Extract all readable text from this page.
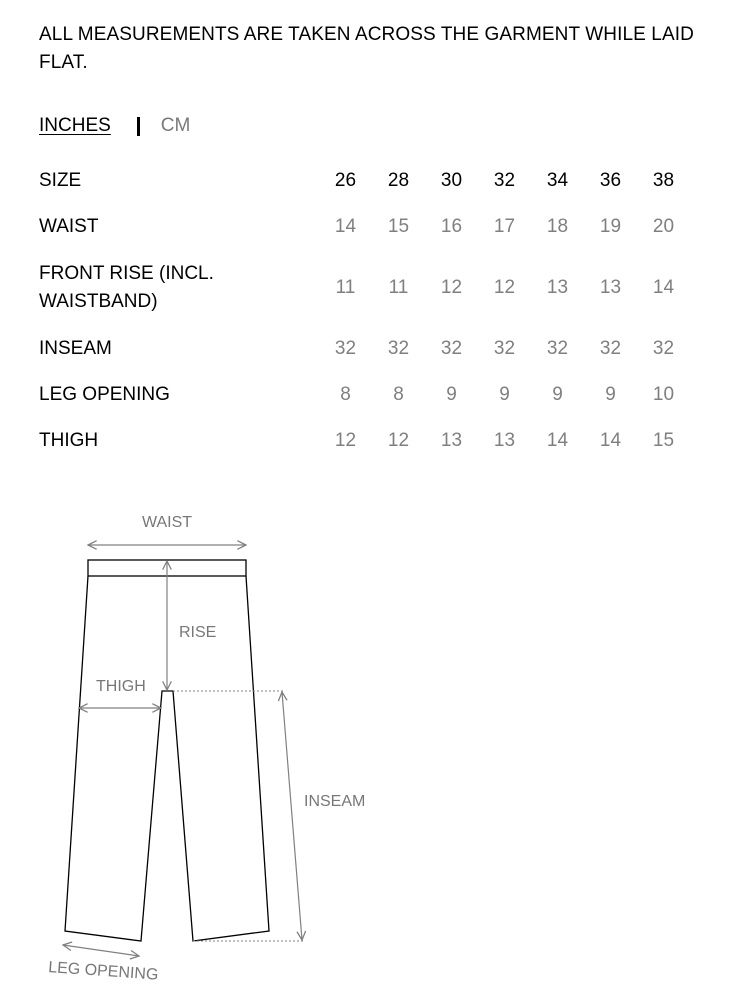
ALL MEASUREMENTS ARE TAKEN ACROSS THE GARMENT WHILE LAID FLAT.

INCHES	CM
SIZE	26	28	30	32	34	36	38
WAIST	14	15	16	17	18	19	20
FRONT RISE (INCL. WAISTBAND)	11	11	12	12	13	13	14
INSEAM	32	32	32	32	32	32	32
LEG OPENING	8	8	9	9	9	9	10
THIGH	12	12	13	13	14	14	15
WAIST
RISE
THIGH
INSEAM
LEG OPENING
